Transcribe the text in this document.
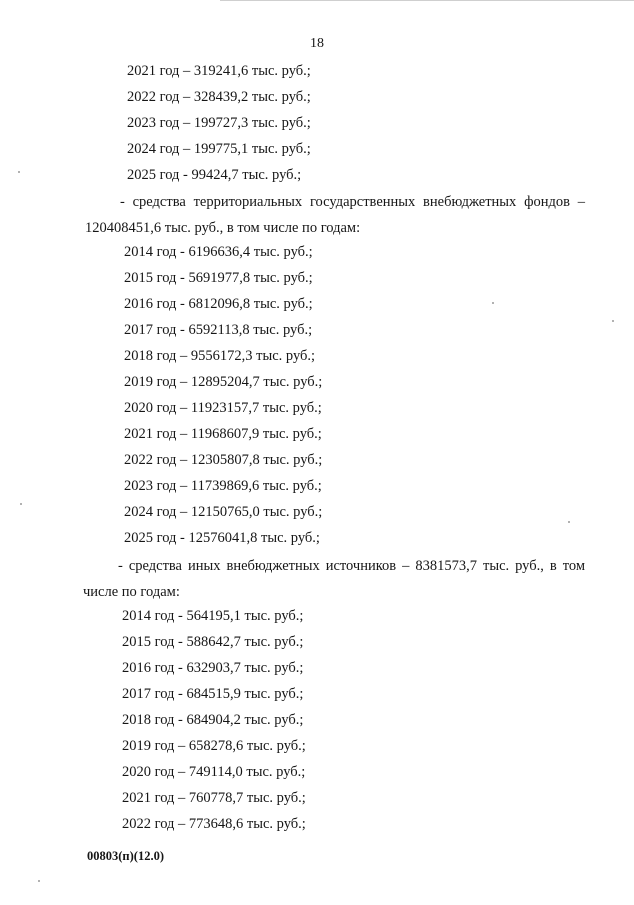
18
2021 год – 319241,6 тыс. руб.;
2022 год – 328439,2 тыс. руб.;
2023 год – 199727,3 тыс. руб.;
2024 год – 199775,1 тыс. руб.;
2025 год - 99424,7 тыс. руб.;
- средства территориальных государственных внебюджетных фондов –
120408451,6 тыс. руб., в том числе по годам:
2014 год - 6196636,4 тыс. руб.;
2015 год - 5691977,8 тыс. руб.;
2016 год - 6812096,8 тыс. руб.;
2017 год - 6592113,8 тыс. руб.;
2018 год – 9556172,3 тыс. руб.;
2019 год – 12895204,7 тыс. руб.;
2020 год – 11923157,7 тыс. руб.;
2021 год – 11968607,9 тыс. руб.;
2022 год – 12305807,8 тыс. руб.;
2023 год – 11739869,6 тыс. руб.;
2024 год – 12150765,0 тыс. руб.;
2025 год - 12576041,8 тыс. руб.;
- средства иных внебюджетных источников – 8381573,7 тыс. руб., в том
числе по годам:
2014 год - 564195,1 тыс. руб.;
2015 год - 588642,7 тыс. руб.;
2016 год - 632903,7 тыс. руб.;
2017 год - 684515,9 тыс. руб.;
2018 год - 684904,2 тыс. руб.;
2019 год – 658278,6 тыс. руб.;
2020 год – 749114,0 тыс. руб.;
2021 год – 760778,7 тыс. руб.;
2022 год – 773648,6 тыс. руб.;
00803(п)(12.0)
